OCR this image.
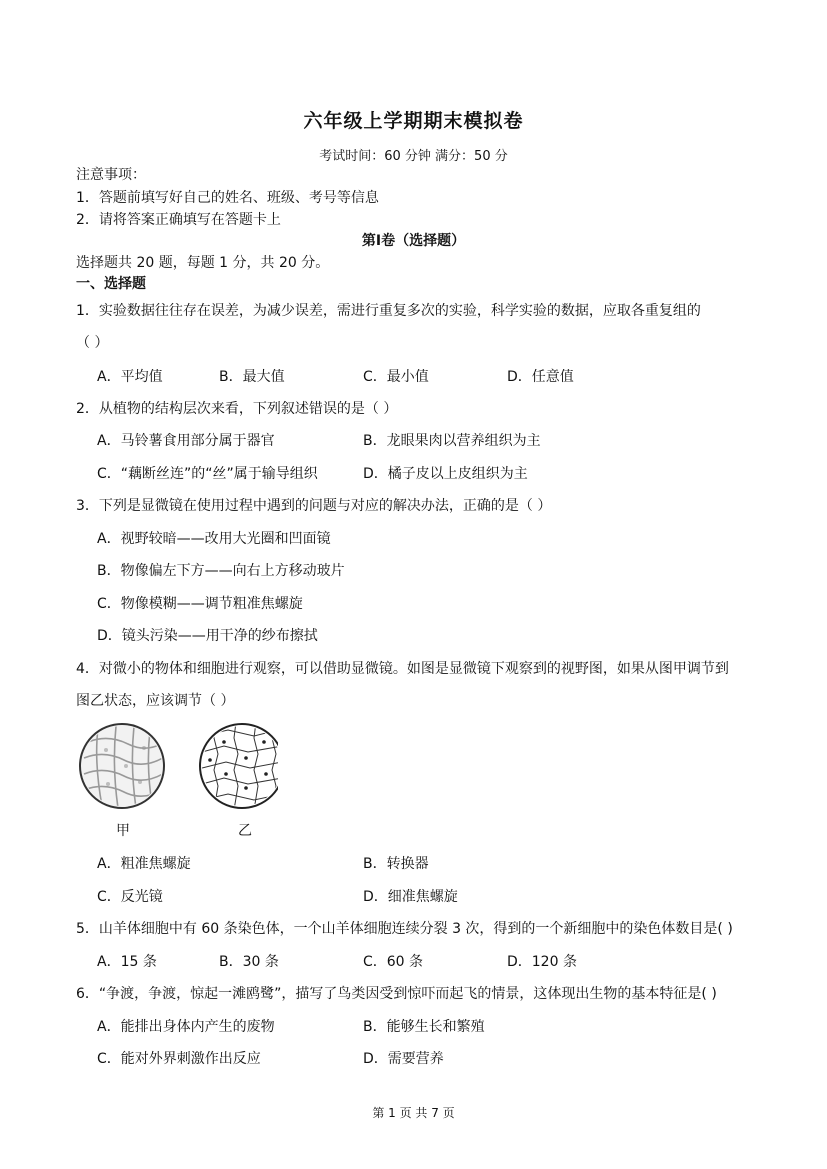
六年级上学期期末模拟卷
考试时间：60 分钟 满分：50 分
注意事项：
1．答题前填写好自己的姓名、班级、考号等信息
2．请将答案正确填写在答题卡上
第I卷（选择题）
选择题共 20 题，每题 1 分，共 20 分。
一、选择题
1．实验数据往往存在误差，为减少误差，需进行重复多次的实验，科学实验的数据，应取各重复组的
（ ）
A．平均值	B．最大值	C．最小值	D．任意值
2．从植物的结构层次来看，下列叙述错误的是（ ）
A．马铃薯食用部分属于器官	B．龙眼果肉以营养组织为主
C．“藕断丝连”的“丝”属于输导组织	D．橘子皮以上皮组织为主
3．下列是显微镜在使用过程中遇到的问题与对应的解决办法，正确的是（ ）
A．视野较暗——改用大光圈和凹面镜
B．物像偏左下方——向右上方移动玻片
C．物像模糊——调节粗准焦螺旋
D．镜头污染——用干净的纱布擦拭
4．对微小的物体和细胞进行观察，可以借助显微镜。如图是显微镜下观察到的视野图，如果从图甲调节到
图乙状态，应该调节（ ）
甲	乙
A．粗准焦螺旋	B．转换器
C．反光镜	D．细准焦螺旋
5．山羊体细胞中有 60 条染色体，一个山羊体细胞连续分裂 3 次，得到的一个新细胞中的染色体数目是( )
A．15 条	B．30 条	C．60 条	D．120 条
6．“争渡，争渡，惊起一滩鸥鹭”，描写了鸟类因受到惊吓而起飞的情景，这体现出生物的基本特征是( )
A．能排出身体内产生的废物	B．能够生长和繁殖
C．能对外界刺激作出反应	D．需要营养
第 1 页 共 7 页
